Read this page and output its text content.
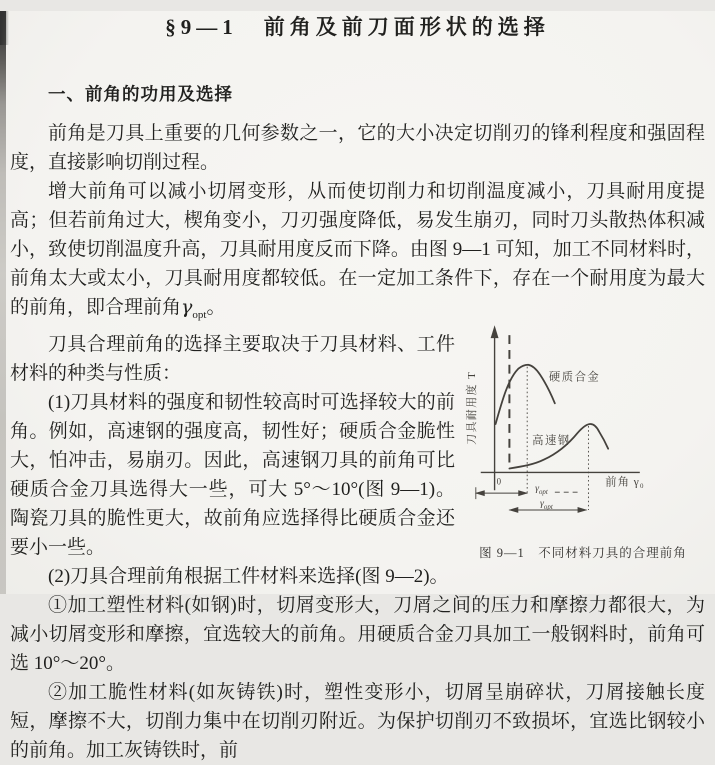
§9—1　前角及前刀面形状的选择
一、前角的功用及选择

前角是刀具上重要的几何参数之一，它的大小决定切削刃的锋利程度和强固程度，直接影响切削过程。

增大前角可以减小切屑变形，从而使切削力和切削温度减小，刀具耐用度提高；但若前角过大，楔角变小，刀刃强度降低，易发生崩刃，同时刀头散热体积减小，致使切削温度升高，刀具耐用度反而下降。由图 9—1 可知，加工不同材料时，前角太大或太小，刀具耐用度都较低。在一定加工条件下，存在一个耐用度为最大的前角，即合理前角$\gamma_{opt}$。

硬质合金
高速钢
刀具耐用度 T
前角 γ₀
0
$\gamma_{opt}$
$\gamma_{opt}$
图 9—1　不同材料刀具的合理前角

刀具合理前角的选择主要取决于刀具材料、工件材料的种类与性质：

(1)刀具材料的强度和韧性较高时可选择较大的前角。例如，高速钢的强度高，韧性好；硬质合金脆性大，怕冲击，易崩刃。因此，高速钢刀具的前角可比硬质合金刀具选得大一些，可大 5°～10°(图 9—1)。陶瓷刀具的脆性更大，故前角应选择得比硬质合金还要小一些。

(2)刀具合理前角根据工件材料来选择(图 9—2)。

①加工塑性材料(如钢)时，切屑变形大，刀屑之间的压力和摩擦力都很大，为减小切屑变形和摩擦，宜选较大的前角。用硬质合金刀具加工一般钢料时，前角可选 10°～20°。

②加工脆性材料(如灰铸铁)时，塑性变形小，切屑呈崩碎状，刀屑接触长度短，摩擦不大，切削力集中在切削刃附近。为保护切削刃不致损坏，宜选比钢较小的前角。加工灰铸铁时，前
